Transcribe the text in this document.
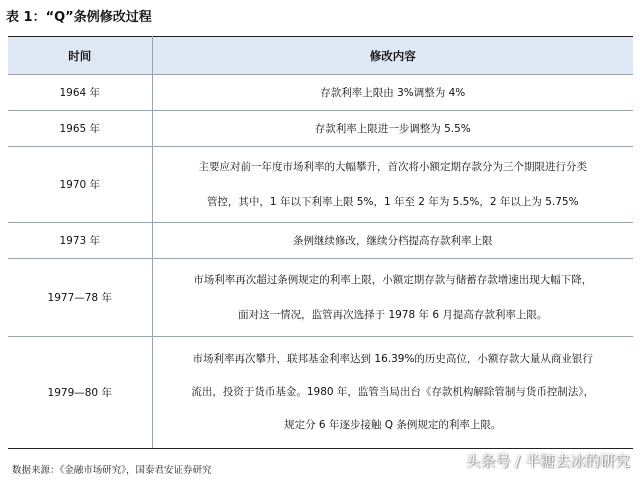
表 1：“Q”条例修改过程
时间	修改内容
1964 年	存款利率上限由 3%调整为 4%

1965 年	存款利率上限进一步调整为 5.5%

1970 年	主要应对前一年度市场利率的大幅攀升，首次将小额定期存款分为三个期限进行分类
管控，其中，1 年以下利率上限 5%，1 年至 2 年为 5.5%，2 年以上为 5.75%

1973 年	条例继续修改，继续分档提高存款利率上限

1977—78 年	市场利率再次超过条例规定的利率上限，小额定期存款与储蓄存款增速出现大幅下降，
面对这一情况，监管再次选择于 1978 年 6 月提高存款利率上限。

1979—80 年	市场利率再次攀升，联邦基金利率达到 16.39%的历史高位，小额存款大量从商业银行
流出，投资于货币基金。1980 年，监管当局出台《存款机构解除管制与货币控制法》，
规定分 6 年逐步接触 Q 条例规定的利率上限。
数据来源：《金融市场研究》，国泰君安证券研究
头条号 / 半糖去冰的研究
